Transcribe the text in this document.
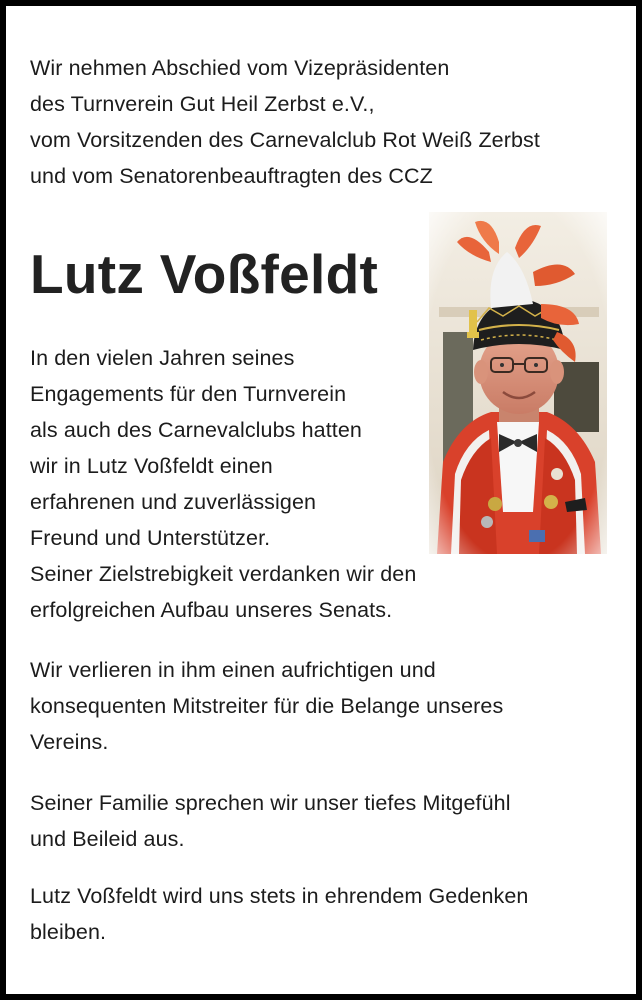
Wir nehmen Abschied vom Vizepräsidenten
des Turnverein Gut Heil Zerbst e.V.,
vom Vorsitzenden des Carnevalclub Rot Weiß Zerbst
und vom Senatorenbeauftragten des CCZ
Lutz Voßfeldt
In den vielen Jahren seines
Engagements für den Turnverein
als auch des Carnevalclubs hatten
wir in Lutz Voßfeldt einen
erfahrenen und zuverlässigen
Freund und Unterstützer.
Seiner Zielstrebigkeit verdanken wir den
erfolgreichen Aufbau unseres Senats.
Wir verlieren in ihm einen aufrichtigen und
konsequenten Mitstreiter für die Belange unseres
Vereins.
Seiner Familie sprechen wir unser tiefes Mitgefühl
und Beileid aus.
Lutz Voßfeldt wird uns stets in ehrendem Gedenken
bleiben.
